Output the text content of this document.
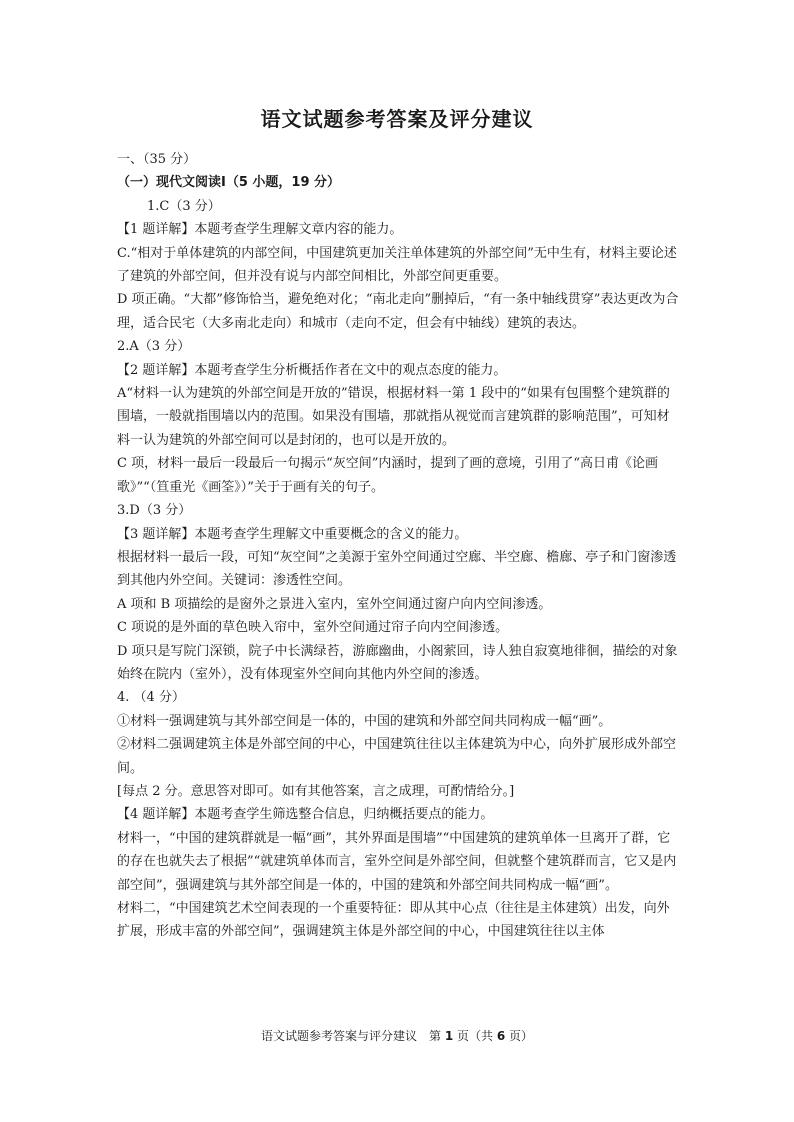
语文试题参考答案及评分建议
一、（35 分）
（一）现代文阅读Ⅰ（5 小题，19 分）
1.C（3 分）
【1 题详解】本题考查学生理解文章内容的能力。
C.“相对于单体建筑的内部空间，中国建筑更加关注单体建筑的外部空间”无中生有，材料主要论述了建筑的外部空间，但并没有说与内部空间相比，外部空间更重要。
D 项正确。“大都”修饰恰当，避免绝对化；“南北走向”删掉后，“有一条中轴线贯穿”表达更改为合理，适合民宅（大多南北走向）和城市（走向不定，但会有中轴线）建筑的表达。
2.A（3 分）
【2 题详解】本题考查学生分析概括作者在文中的观点态度的能力。
A“材料一认为建筑的外部空间是开放的”错误，根据材料一第 1 段中的“如果有包围整个建筑群的围墙，一般就指围墙以内的范围。如果没有围墙，那就指从视觉而言建筑群的影响范围”，可知材料一认为建筑的外部空间可以是封闭的，也可以是开放的。
C 项，材料一最后一段最后一句揭示“灰空间”内涵时，提到了画的意境，引用了“高日甫《论画歌》”“（笪重光《画筌》）”关于于画有关的句子。
3.D（3 分）
【3 题详解】本题考查学生理解文中重要概念的含义的能力。
根据材料一最后一段，可知“灰空间”之美源于室外空间通过空廊、半空廊、檐廊、亭子和门窗渗透到其他内外空间。关键词：渗透性空间。
A 项和 B 项描绘的是窗外之景进入室内，室外空间通过窗户向内空间渗透。
C 项说的是外面的草色映入帘中，室外空间通过帘子向内空间渗透。
D 项只是写院门深锁，院子中长满绿苔，游廊幽曲，小阁萦回，诗人独自寂寞地徘徊，描绘的对象始终在院内（室外），没有体现室外空间向其他内外空间的渗透。
4. （4 分）
①材料一强调建筑与其外部空间是一体的，中国的建筑和外部空间共同构成一幅“画”。
②材料二强调建筑主体是外部空间的中心，中国建筑往往以主体建筑为中心，向外扩展形成外部空间。
[每点 2 分。意思答对即可。如有其他答案，言之成理，可酌情给分。]
【4 题详解】本题考查学生筛选整合信息，归纳概括要点的能力。
材料一，“中国的建筑群就是一幅“画”，其外界面是围墙”“中国建筑的建筑单体一旦离开了群，它的存在也就失去了根据”“就建筑单体而言，室外空间是外部空间，但就整个建筑群而言，它又是内部空间”，强调建筑与其外部空间是一体的，中国的建筑和外部空间共同构成一幅“画”。
材料二，“中国建筑艺术空间表现的一个重要特征：即从其中心点（往往是主体建筑）出发，向外扩展，形成丰富的外部空间”，强调建筑主体是外部空间的中心，中国建筑往往以主体
语文试题参考答案与评分建议　第 1 页（共 6 页）
